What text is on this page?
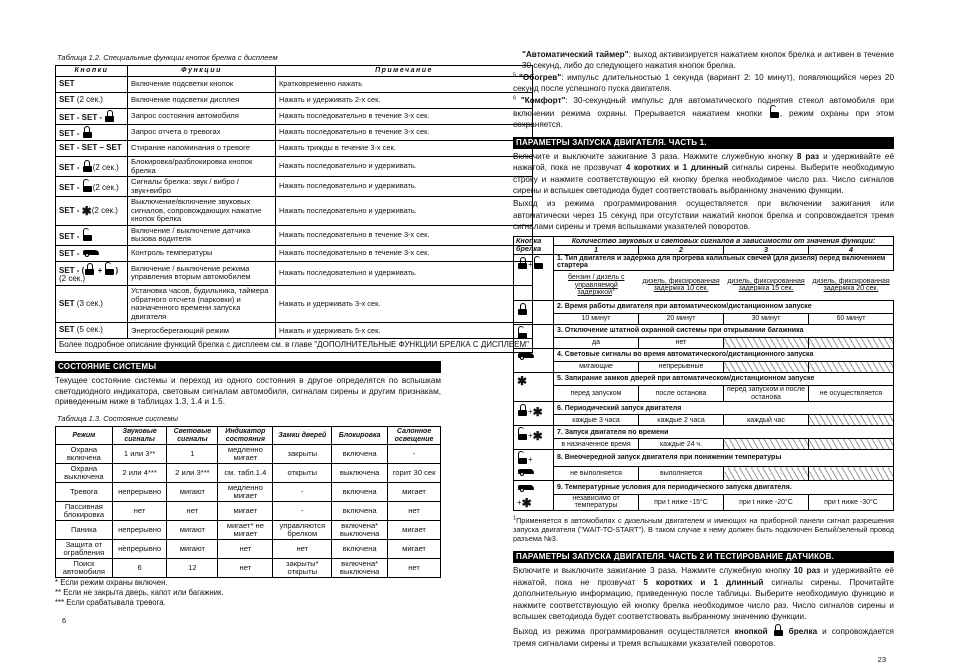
Таблица 1.2. Специальные функции кнопок брелка с дисплеем
Кнопки	Функции	Примечание
SET	Включение подсветки кнопок	Кратковременно нажать
SET (2 сек.)	Включение подсветки дисплея	Нажать и удерживать 2-х сек.
SET - SET -	Запрос состояния автомобиля	Нажать последовательно в течение 3-х сек.
SET -	Запрос отчета о тревогах	Нажать последовательно в течение 3-х сек.
SET - SET – SET	Стирание напоминания о тревоге	Нажать трижды в течение 3-х сек.
SET - (2 сек.)	Блокировка/разблокировка кнопок брелка	Нажать последовательно и удерживать.
SET - (2 сек.)	Сигналы брелка: звук / вибро / звук+вибро	Нажать последовательно и удерживать.
SET - ✱(2 сек.)	Выключение/включение звуковых сигналов, сопровождающих нажатие кнопок брелка	Нажать последовательно и удерживать.
SET -	Включение / выключение датчика вызова водителя	Нажать последовательно в течение 3-х сек.
SET -	Контроль температуры	Нажать последовательно в течение 3-х сек.
SET - ( + )
(2 сек.)	Включение / выключение режима управления вторым автомобилем	Нажать последовательно и удерживать.
SET (3 сек.)	Установка часов, будильника, таймера обратного отсчета (парковки) и назначенного времени запуска двигателя	Нажать и удерживать 3-х сек.
SET (5 сек.)	Энергосберегающий режим	Нажать и удерживать 5-х сек.
Более подробное описание функций брелка с дисплеем см. в главе "ДОПОЛНИТЕЛЬНЫЕ ФУНКЦИИ БРЕЛКА С ДИСПЛЕЕМ"		
СОСТОЯНИЕ СИСТЕМЫ

Текущее состояние системы и переход из одного состояния в другое определятся по вспышкам светодиодного индикатора, световым сигналам автомобиля, сигналам сирены и другим признакам, приведенным ниже в таблицах 1.3, 1.4 и 1.5.

Таблица 1.3. Состояние системы
Режим	Звуковые сигналы	Световые сигналы	Индикатор состояния	Замки дверей	Блокировка	Салонное освещение
Охрана включена	1 или 3**	1	медленно мигает	закрыты	включена	-
Охрана выключена	2 или 4***	2 или 3***	см. табл.1.4	открыты	выключена	горит 30 сек
Тревога	непрерывно	мигают	медленно мигает	-	включена	мигает
Пассивная блокировка	нет	нет	мигает	-	включена	нет
Паника	непрерывно	мигают	мигает* не мигает	управляются брелком	включена* выключена	мигает
Защита от ограбления	непрерывно	мигают	нет	нет	включена	мигает
Поиск автомобиля	6	12	нет	закрыты* открыты	включена* выключена	нет
* Если режим охраны включен.
** Если не закрыта дверь, капот или багажник.
*** Если срабатывала тревога.
6

"Автоматический таймер": выход активизируется нажатием кнопок брелка и активен в течение 30 секунд, либо до следующего нажатия кнопок брелка.

$^5$ "Обогрев": импульс длительностью 1 секунда (вариант 2: 10 минут), появляющийся через 20 секунд после успешного пуска двигателя.

$^6$ "Комфорт": 30-секундный импульс для автоматического поднятия стекол автомобиля при включении режима охраны. Прерывается нажатием кнопки , режим охраны при этом сохраняется.

ПАРАМЕТРЫ ЗАПУСКА ДВИГАТЕЛЯ. ЧАСТЬ 1.

Включите и выключите зажигание 3 раза. Нажмите служебную кнопку 8 раз и удерживайте её нажатой, пока не прозвучат 4 коротких и 1 длинный сигналы сирены. Выберите необходимую строку и нажмите соответствующую ей кнопку брелка необходимое число раз. Число сигналов сирены и вспышек светодиода будет соответствовать выбранному значению функции.

Выход из режима программирования осуществляется при включении зажигания или автоматически через 15 секунд при отсутствии нажатий кнопок брелка и сопровождается тремя сигналами сирены и тремя вспышками указателей поворотов.

Кнопка брелка	Количество звуковых и световых сигналов в зависимости от значения функции:			
	1	2	3	4
+	1. Тип двигателя и задержка для прогрева калильных свечей (для дизеля) перед включением стартера			
	бензин / дизель с управляемой задержкой$^1$	дизель, фиксированная задержка 10 сек.	дизель, фиксированная задержка 15 сек.	дизель, фиксированная задержка 20 сек.
	2. Время работы двигателя при автоматическом/дистанционном запуске			
	10 минут	20 минут	30 минут	60 минут
	3. Отключение штатной охранной системы при открывании багажника			
	да	нет		
	4. Световые сигналы во время автоматического/дистанционного запуска			
	мигающие	непрерывные		
✱	5. Запирание замков дверей при автоматическом/дистанционном запуске			
	перед запуском	после останова	перед запуском и после останова	не осуществляется
+✱	6. Периодический запуск двигателя			
	каждые 3 часа	каждые 2 часа	каждый час	
+✱	7. Запуск двигателя по времени			
	в назначенное время	каждые 24 ч.		
+	8. Внеочередной запуск двигателя при понижении температуры			
	не выполняется	выполняется		

+✱	9. Температурные условия для периодического запуска двигателя.			
	независимо от температуры	при t ниже -15°C	при t ниже -20°C	при t ниже -30°C

$^1$Применяется в автомобилях с дизельным двигателем и имеющих на приборной панели сигнал разрешения запуска двигателя ("WAIT-TO-START"). В таком случае к нему должен быть подключен Белый/зеленый провод разъема №3.

ПАРАМЕТРЫ ЗАПУСКА ДВИГАТЕЛЯ. ЧАСТЬ 2 И ТЕСТИРОВАНИЕ ДАТЧИКОВ.

Включите и выключите зажигание 3 раза. Нажмите служебную кнопку 10 раз и удерживайте её нажатой, пока не прозвучат 5 коротких и 1 длинный сигналы сирены. Прочитайте дополнительную информацию, приведенную после таблицы. Выберите необходимую функцию и нажмите соответствующую ей кнопку брелка необходимое число раз. Число сигналов сирены и вспышек светодиода будет соответствовать выбранному значению функции.

Выход из режима программирования осуществляется кнопкой  брелка и сопровождается тремя сигналами сирены и тремя вспышками указателей поворотов.

23
